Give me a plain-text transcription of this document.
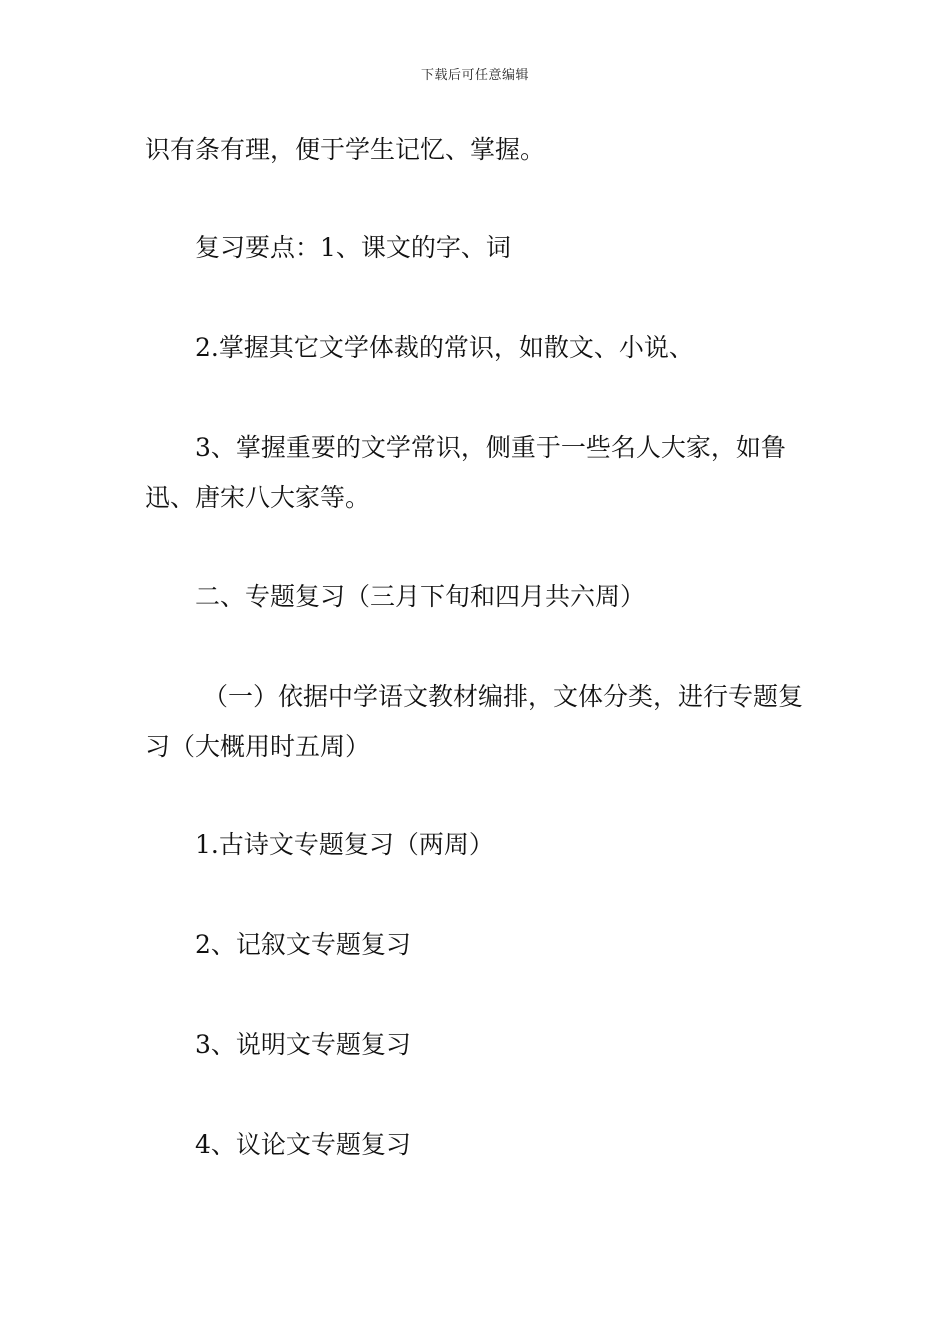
下载后可任意编辑

识有条有理，便于学生记忆、掌握。

复习要点：1、课文的字、词

2.掌握其它文学体裁的常识，如散文、小说、

3、掌握重要的文学常识，侧重于一些名人大家，如鲁迅、唐宋八大家等。

二、专题复习（三月下旬和四月共六周）

（一）依据中学语文教材编排，文体分类，进行专题复习（大概用时五周）

1.古诗文专题复习（两周）

2、记叙文专题复习

3、说明文专题复习

4、议论文专题复习
